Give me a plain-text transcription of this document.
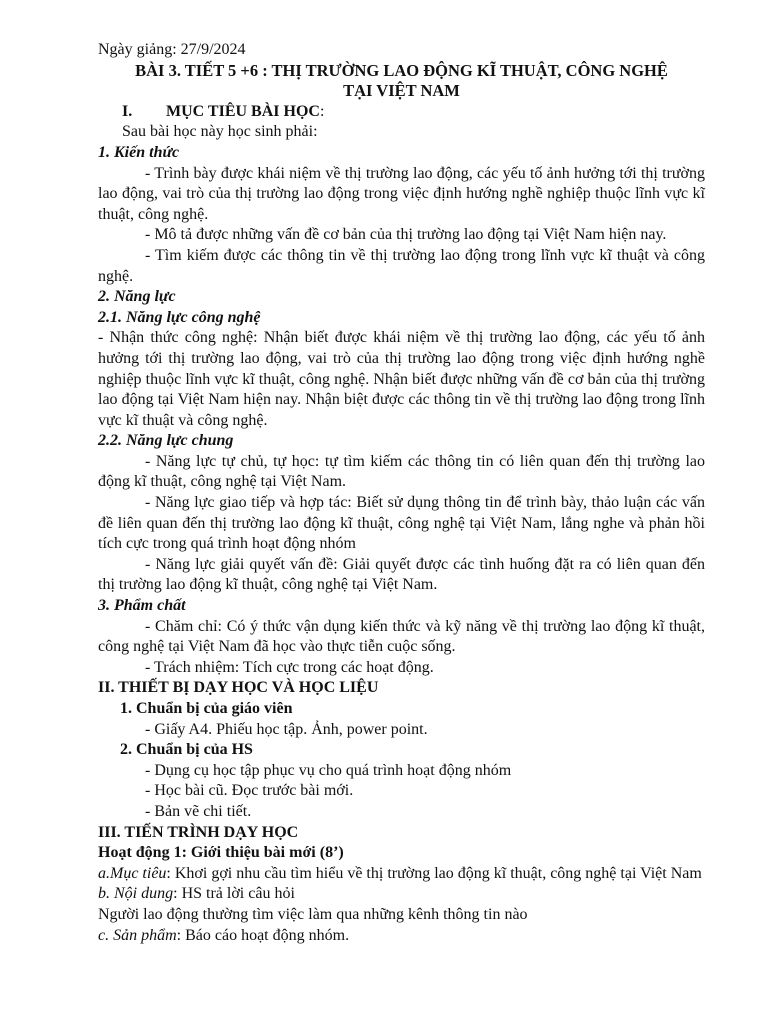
Ngày giảng: 27/9/2024

BÀI 3. TIẾT 5 +6 : THỊ TRƯỜNG LAO ĐỘNG KĨ THUẬT, CÔNG NGHỆ

TẠI VIỆT NAM

I.	MỤC TIÊU BÀI HỌC:

Sau bài học này học sinh phải:

1. Kiến thức

- Trình bày được khái niệm về thị trường lao động, các yếu tố ảnh hưởng tới thị trường lao động, vai trò của thị trường lao động trong việc định hướng nghề nghiệp thuộc lĩnh vực kĩ thuật, công nghệ.

- Mô tả được những vấn đề cơ bản của thị trường lao động tại Việt Nam hiện nay.

- Tìm kiếm được các thông tin về thị trường lao động trong lĩnh vực kĩ thuật và công nghệ.

2. Năng lực

2.1. Năng lực công nghệ

- Nhận thức công nghệ: Nhận biết được khái niệm về thị trường lao động, các yếu tố ảnh hưởng tới thị trường lao động, vai trò của thị trường lao động trong việc định hướng nghề nghiệp thuộc lĩnh vực kĩ thuật, công nghệ. Nhận biết được những vấn đề cơ bản của thị trường lao động tại Việt Nam hiện nay. Nhận biệt được các thông tin về thị trường lao động trong lĩnh vực kĩ thuật và công nghệ.

2.2. Năng lực chung

- Năng lực tự chủ, tự học: tự tìm kiếm các thông tin có liên quan đến thị trường lao động kĩ thuật, công nghệ tại Việt Nam.

- Năng lực giao tiếp và hợp tác: Biết sử dụng thông tin để trình bày, thảo luận các vấn đề liên quan đến thị trường lao động kĩ thuật, công nghệ tại Việt Nam, lắng nghe và phản hồi tích cực trong quá trình hoạt động nhóm

- Năng lực giải quyết vấn đề: Giải quyết được các tình huống đặt ra có liên quan đến thị trường lao động kĩ thuật, công nghệ tại Việt Nam.

3. Phẩm chất

- Chăm chỉ: Có ý thức vận dụng kiến thức và kỹ năng về thị trường lao động kĩ thuật, công nghệ tại Việt Nam đã học vào thực tiễn cuộc sống.

- Trách nhiệm: Tích cực trong các hoạt động.

II. THIẾT BỊ DẠY HỌC VÀ HỌC LIỆU

1. Chuẩn bị của giáo viên

- Giấy A4. Phiếu học tập. Ảnh, power point.

2. Chuẩn bị của HS

- Dụng cụ học tập phục vụ cho quá trình hoạt động nhóm

- Học bài cũ. Đọc trước bài mới.

- Bản vẽ chi tiết.

III. TIẾN TRÌNH DẠY HỌC

Hoạt động 1: Giới thiệu bài mới (8’)

a.Mục tiêu: Khơi gợi nhu cầu tìm hiểu về thị trường lao động kĩ thuật, công nghệ tại Việt Nam

b. Nội dung: HS trả lời câu hỏi

Người lao động thường tìm việc làm qua những kênh thông tin nào

c. Sản phẩm: Báo cáo hoạt động nhóm.
